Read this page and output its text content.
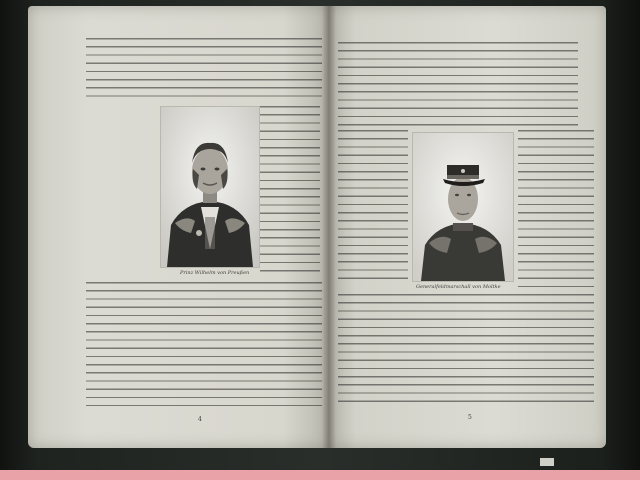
Prinz Wilhelm von Preußen
4
Generalfeldmarschall von Moltke
5
